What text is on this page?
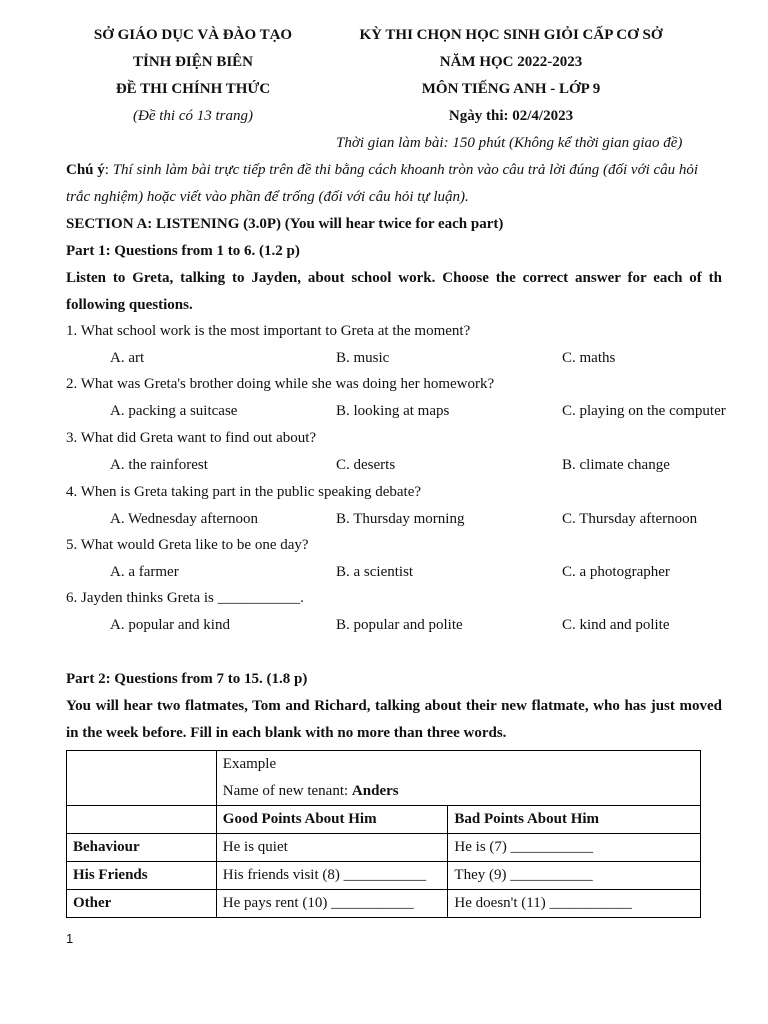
SỞ GIÁO DỤC VÀ ĐÀO TẠO
TỈNH ĐIỆN BIÊN
ĐỀ THI CHÍNH THỨC
(Đề thi có 13 trang)
KỲ THI CHỌN HỌC SINH GIỎI CẤP CƠ SỞ
NĂM HỌC 2022-2023
MÔN TIẾNG ANH - LỚP 9
Ngày thi: 02/4/2023
Thời gian làm bài: 150 phút (Không kể thời gian giao đề)
Chú ý: Thí sinh làm bài trực tiếp trên đề thi bằng cách khoanh tròn vào câu trả lời đúng (đối với câu hỏi
trắc nghiệm) hoặc viết vào phần để trống (đối với câu hỏi tự luận).
SECTION A: LISTENING (3.0P) (You will hear twice for each part)
Part 1: Questions from 1 to 6. (1.2 p)
Listen to Greta, talking to Jayden, about school work. Choose the correct answer for each of th
following questions.
1. What school work is the most important to Greta at the moment?
A. art	B. music	C. maths
2. What was Greta's brother doing while she was doing her homework?
A. packing a suitcase	B. looking at maps	C. playing on the computer
3. What did Greta want to find out about?
A. the rainforest	C. deserts	B. climate change
4. When is Greta taking part in the public speaking debate?
A. Wednesday afternoon	B. Thursday morning	C. Thursday afternoon
5. What would Greta like to be one day?
A. a farmer	B. a scientist	C. a photographer
6. Jayden thinks Greta is ___________.
A. popular and kind	B. popular and polite	C. kind and polite
Part 2: Questions from 7 to 15. (1.8 p)
You will hear two flatmates, Tom and Richard, talking about their new flatmate, who has just moved
in the week before. Fill in each blank with no more than three words.

	Example
Name of new tenant: Anders	

	Good Points About Him	Bad Points About Him
Behaviour	He is quiet	He is (7) ___________
His Friends	His friends visit (8) ___________	They (9) ___________
Other	He pays rent (10) ___________	He doesn't (11) ___________
1
